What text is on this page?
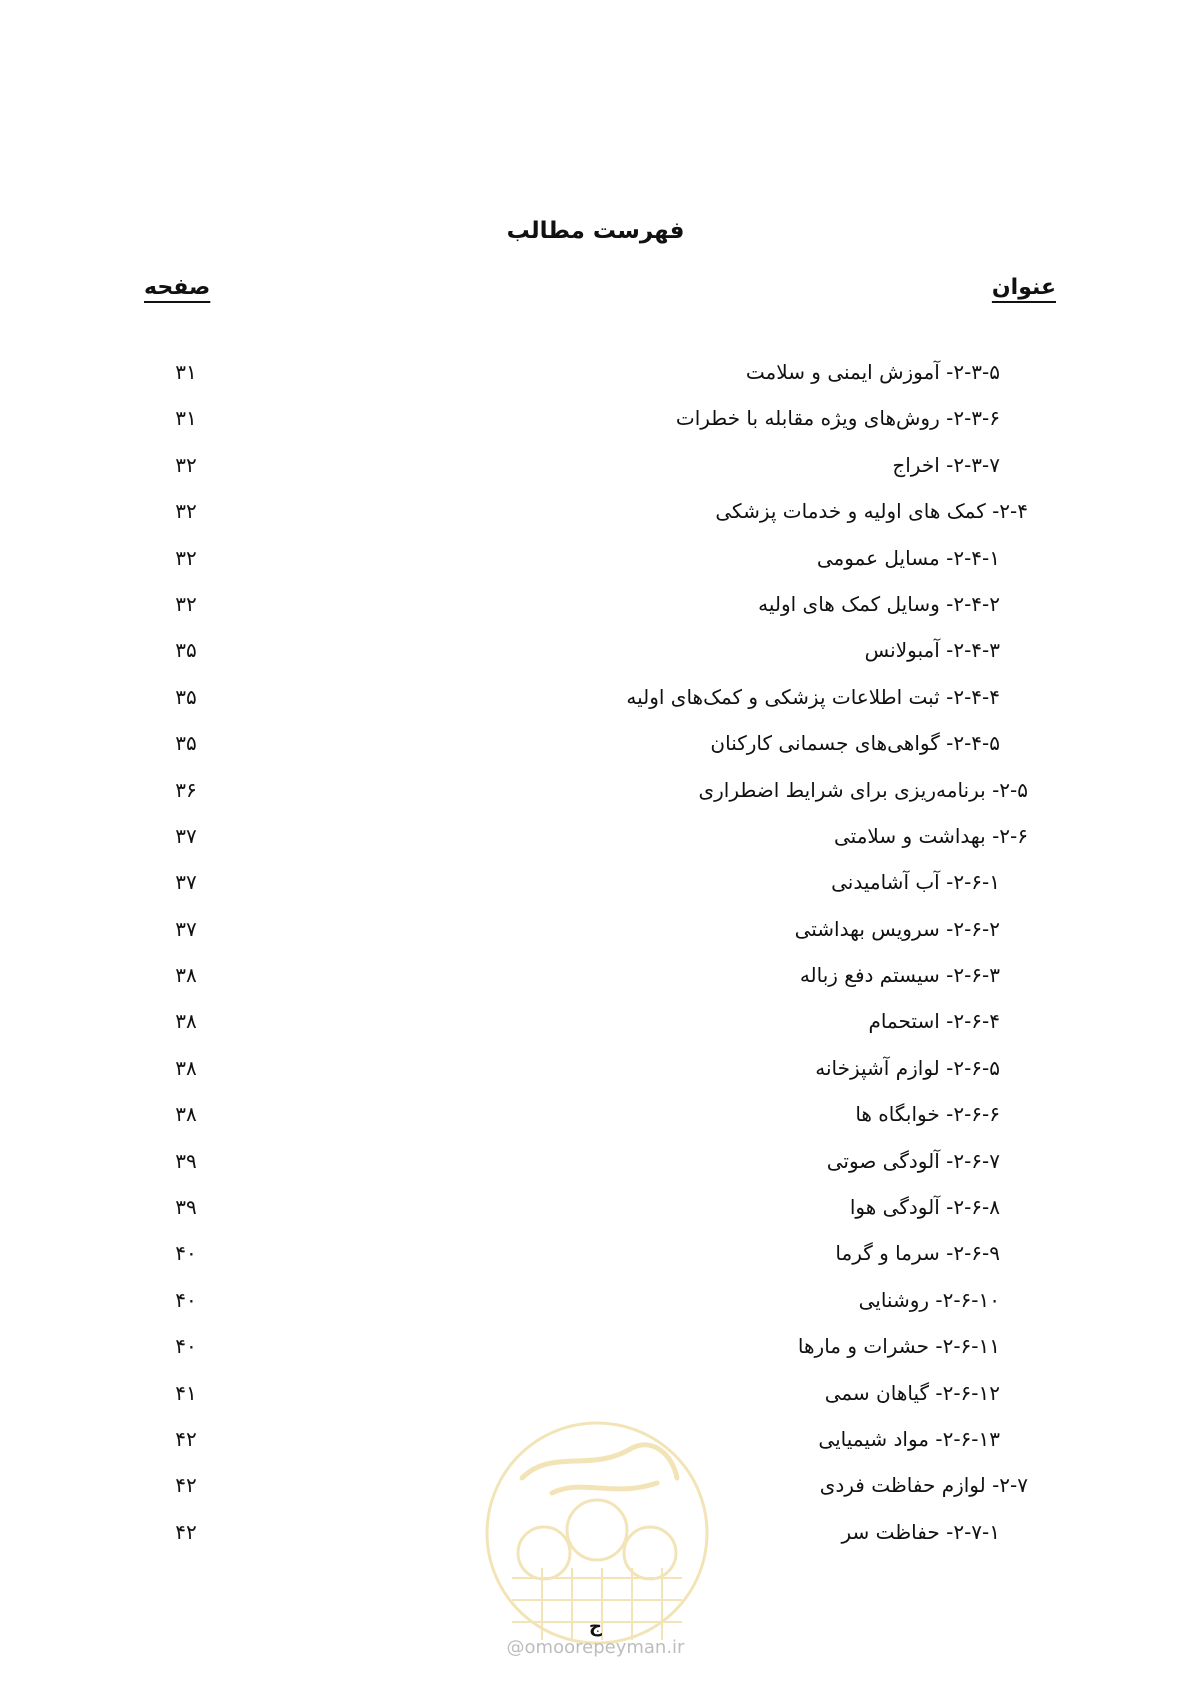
فهرست مطالب
عنوان
صفحه
۲-۳-۵- آموزش ایمنی و سلامت
۳۱
۲-۳-۶- روش‌های ویژه مقابله با خطرات
۳۱
۲-۳-۷- اخراج
۳۲
۲-۴- کمک های اولیه و خدمات پزشکی
۳۲
۲-۴-۱- مسایل عمومی
۳۲
۲-۴-۲- وسایل کمک های اولیه
۳۲
۲-۴-۳- آمبولانس
۳۵
۲-۴-۴- ثبت اطلاعات پزشکی و کمک‌های اولیه
۳۵
۲-۴-۵- گواهی‌های جسمانی کارکنان
۳۵
۲-۵- برنامه‌ریزی برای شرایط اضطراری
۳۶
۲-۶- بهداشت و سلامتی
۳۷
۲-۶-۱- آب آشامیدنی
۳۷
۲-۶-۲- سرویس بهداشتی
۳۷
۲-۶-۳- سیستم دفع زباله
۳۸
۲-۶-۴- استحمام
۳۸
۲-۶-۵- لوازم آشپزخانه
۳۸
۲-۶-۶- خوابگاه ها
۳۸
۲-۶-۷- آلودگی صوتی
۳۹
۲-۶-۸- آلودگی هوا
۳۹
۲-۶-۹- سرما و گرما
۴۰
۲-۶-۱۰- روشنایی
۴۰
۲-۶-۱۱- حشرات و مارها
۴۰
۲-۶-۱۲- گیاهان سمی
۴۱
۲-۶-۱۳- مواد شیمیایی
۴۲
۲-۷- لوازم حفاظت فردی
۴۲
۲-۷-۱- حفاظت سر
۴۲
ج
@omoorepeyman.ir
